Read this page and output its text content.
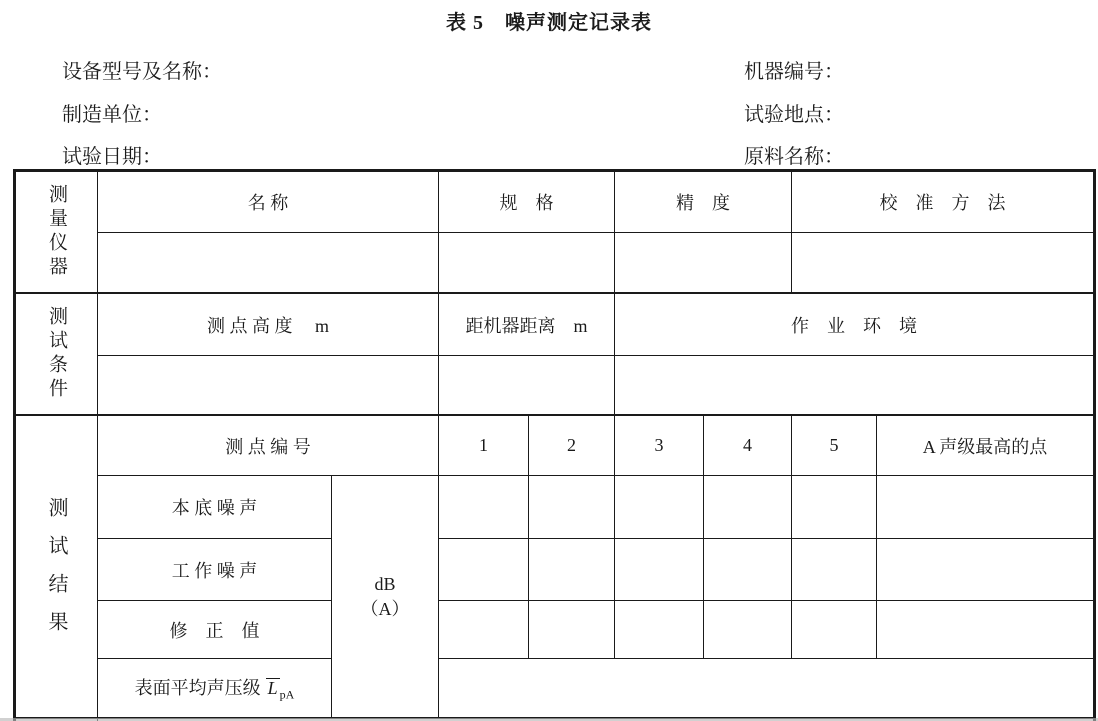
表 5　噪声测定记录表
设备型号及名称：
制造单位：
试验日期：
机器编号：
试验地点：
原料名称：
测量仪器	名 称		规　格		精　度		校　准　方　法	

测试条件	测 点 高 度　 m		距机器距离　m		作　业　环　境			

测试结果	测 点 编 号		1	2	3	4	5	A 声级最高的点
	本 底 噪 声	dB
（A）						

	工 作 噪 声							
	修　正　值							
	表面平均声压级 L $_{pA}$	
